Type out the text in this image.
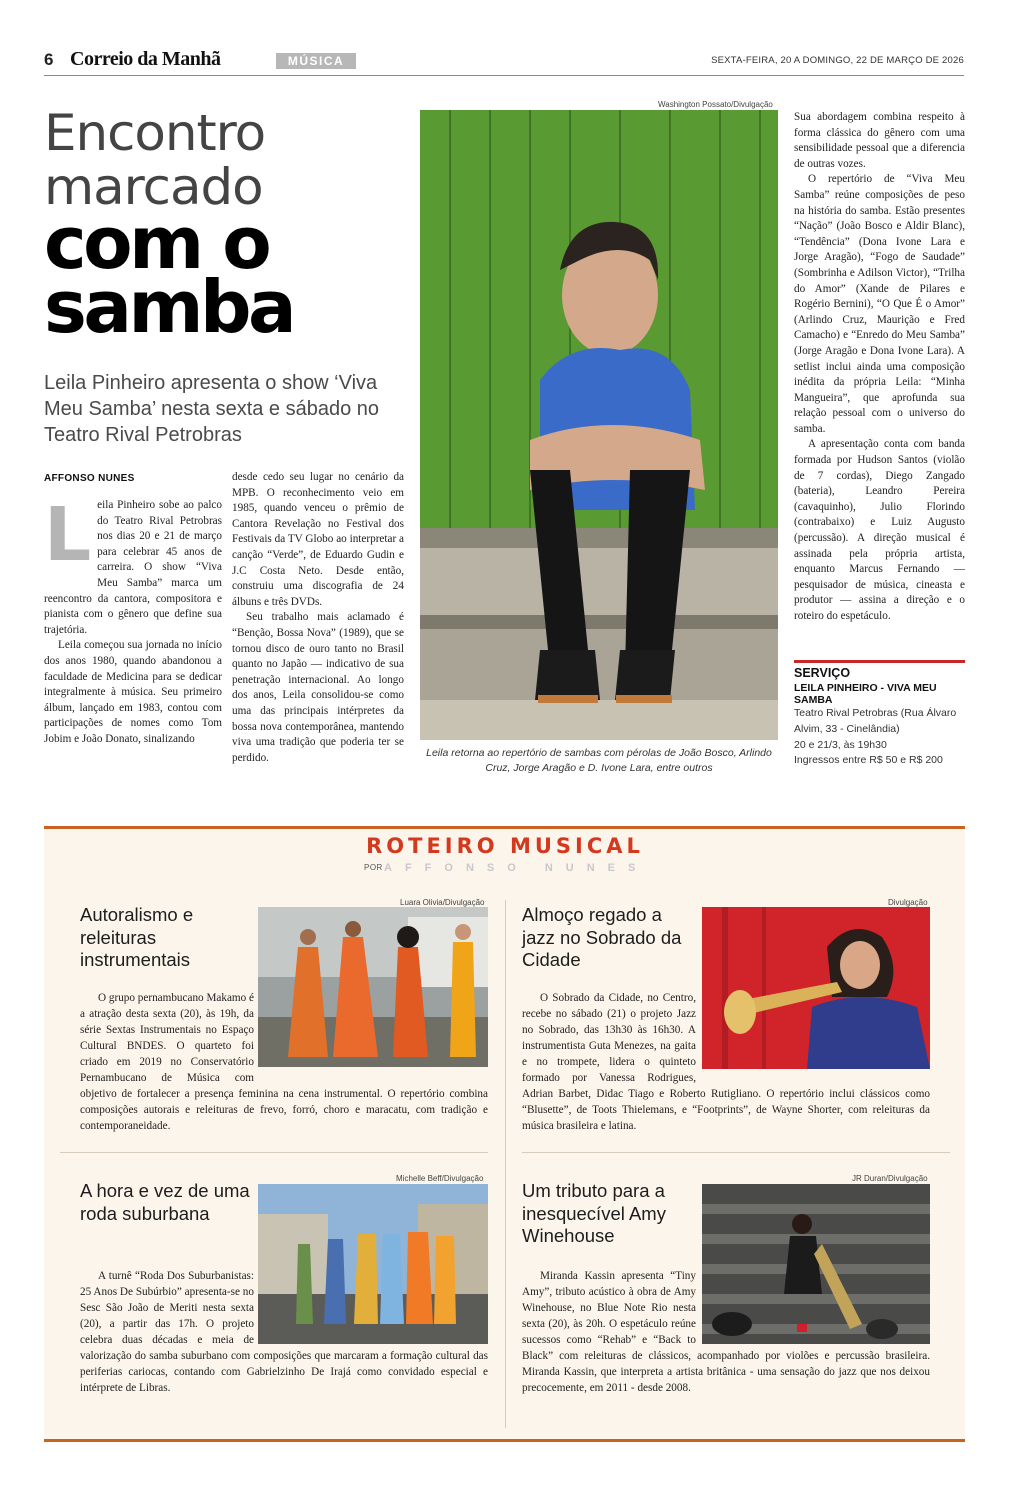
6 Correio da Manhã	MÚSICA	SEXTA-FEIRA, 20 A DOMINGO, 22 DE MARÇO DE 2026
Encontro
marcado
com o
samba
Leila Pinheiro apresenta o show ‘Viva Meu Samba’ nesta sexta e sábado no Teatro Rival Petrobras
AFFONSO NUNES

Leila Pinheiro sobe ao palco do Teatro Rival Petrobras nos dias 20 e 21 de março para celebrar 45 anos de carreira. O show “Viva Meu Samba” marca um reencontro da cantora, compositora e pianista com o gênero que define sua trajetória.

Leila começou sua jornada no início dos anos 1980, quando abandonou a faculdade de Medicina para se dedicar integralmente à música. Seu primeiro álbum, lançado em 1983, contou com participações de nomes como Tom Jobim e João Donato, sinalizando

desde cedo seu lugar no cenário da MPB. O reconhecimento veio em 1985, quando venceu o prêmio de Cantora Revelação no Festival dos Festivais da TV Globo ao interpretar a canção “Verde”, de Eduardo Gudin e J.C Costa Neto. Desde então, construiu uma discografia de 24 álbuns e três DVDs.

Seu trabalho mais aclamado é “Benção, Bossa Nova” (1989), que se tornou disco de ouro tanto no Brasil quanto no Japão — indicativo de sua penetração internacional. Ao longo dos anos, Leila consolidou-se como uma das principais intérpretes da bossa nova contemporânea, mantendo viva uma tradição que poderia ter se perdido.

Washington Possato/Divulgação
Leila retorna ao repertório de sambas com pérolas de João Bosco, Arlindo Cruz, Jorge Aragão e D. Ivone Lara, entre outros

Sua abordagem combina respeito à forma clássica do gênero com uma sensibilidade pessoal que a diferencia de outras vozes.

O repertório de “Viva Meu Samba” reúne composições de peso na história do samba. Estão presentes “Nação” (João Bosco e Aldir Blanc), “Tendência” (Dona Ivone Lara e Jorge Aragão), “Fogo de Saudade” (Sombrinha e Adilson Victor), “Trilha do Amor” (Xande de Pilares e Rogério Bernini), “O Que É o Amor” (Arlindo Cruz, Maurição e Fred Camacho) e “Enredo do Meu Samba” (Jorge Aragão e Dona Ivone Lara). A setlist inclui ainda uma composição inédita da própria Leila: “Minha Mangueira”, que aprofunda sua relação pessoal com o universo do samba.

A apresentação conta com banda formada por Hudson Santos (violão de 7 cordas), Diego Zangado (bateria), Leandro Pereira (cavaquinho), Julio Florindo (contrabaixo) e Luiz Augusto (percussão). A direção musical é assinada pela própria artista, enquanto Marcus Fernando — pesquisador de música, cineasta e produtor — assina a direção e o roteiro do espetáculo.

SERVIÇO
LEILA PINHEIRO - VIVA MEU SAMBA
Teatro Rival Petrobras (Rua Álvaro Alvim, 33 - Cinelândia)
20 e 21/3, às 19h30
Ingressos entre R$ 50 e R$ 200
ROTEIRO MUSICAL
POR AFFONSO NUNES
Autoralismo e releituras instrumentais
Luara Olivia/Divulgação
O grupo pernambucano Makamo é a atração desta sexta (20), às 19h, da série Sextas Instrumentais no Espaço Cultural BNDES. O quarteto foi criado em 2019 no Conservatório Pernambucano de Música com objetivo de fortalecer a presença feminina na cena instrumental. O repertório combina composições autorais e releituras de frevo, forró, choro e maracatu, com tradição e contemporaneidade.
Almoço regado a jazz no Sobrado da Cidade
Divulgação
O Sobrado da Cidade, no Centro, recebe no sábado (21) o projeto Jazz no Sobrado, das 13h30 às 16h30. A instrumentista Guta Menezes, na gaita e no trompete, lidera o quinteto formado por Vanessa Rodrigues, Adrian Barbet, Didac Tiago e Roberto Rutigliano. O repertório inclui clássicos como “Blusette”, de Toots Thielemans, e “Footprints”, de Wayne Shorter, com releituras da música brasileira e latina.
A hora e vez de uma roda suburbana
Michelle Beff/Divulgação
A turnê “Roda Dos Suburbanistas: 25 Anos De Subúrbio” apresenta-se no Sesc São João de Meriti nesta sexta (20), a partir das 17h. O projeto celebra duas décadas e meia de valorização do samba suburbano com composições que marcaram a formação cultural das periferias cariocas, contando com Gabrielzinho De Irajá como convidado especial e intérprete de Libras.
Um tributo para a inesquecível Amy Winehouse
JR Duran/Divulgação
Miranda Kassin apresenta “Tiny Amy”, tributo acústico à obra de Amy Winehouse, no Blue Note Rio nesta sexta (20), às 20h. O espetáculo reúne sucessos como “Rehab” e “Back to Black” com releituras de clássicos, acompanhado por violões e percussão brasileira. Miranda Kassin, que interpreta a artista britânica - uma sensação do jazz que nos deixou precocemente, em 2011 - desde 2008.
